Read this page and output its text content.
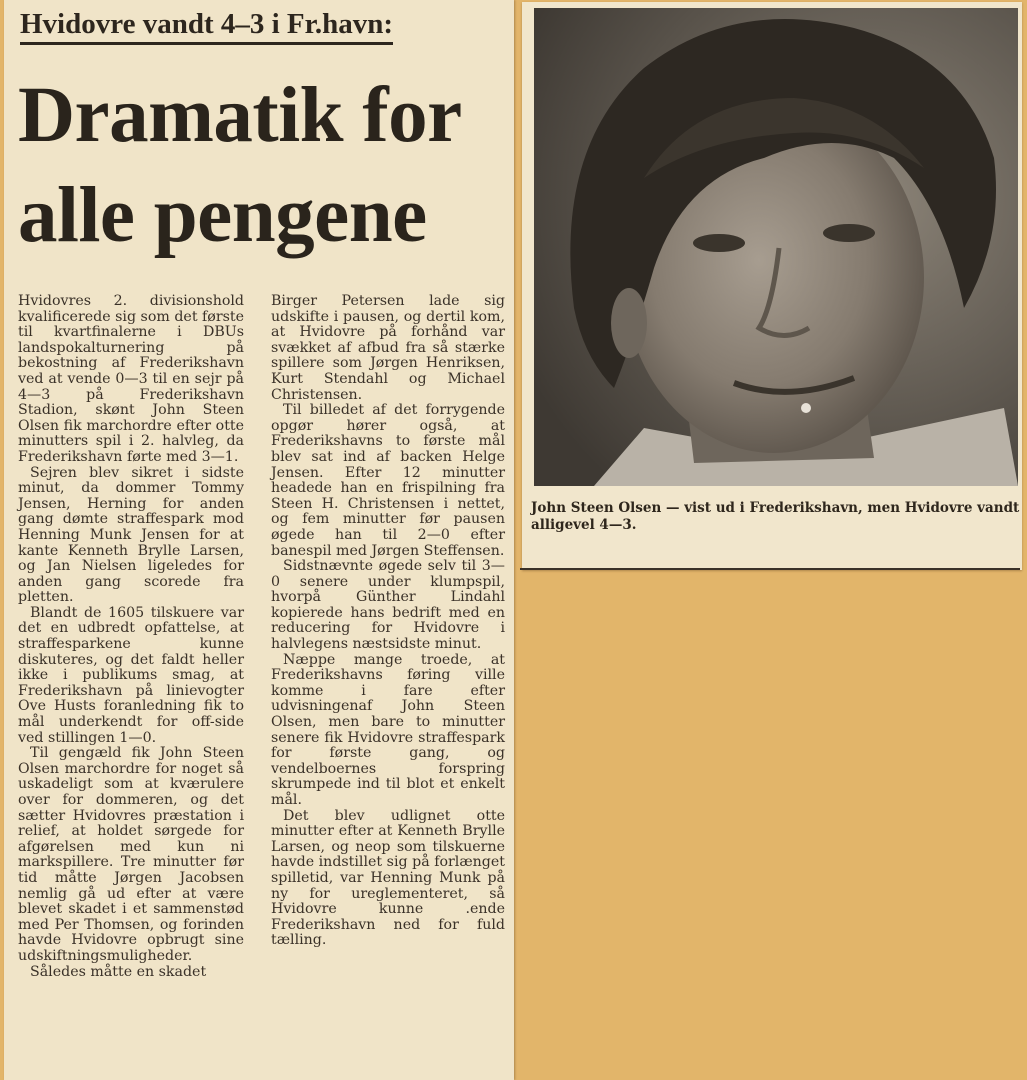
Hvidovre vandt 4–3 i Fr.havn:
Dramatik for alle pengene

Hvidovres 2. divisionshold kvalificerede sig som det første til kvartfinalerne i DBUs landspokalturnering på bekostning af Frederikshavn ved at vende 0—3 til en sejr på 4—3 på Frederikshavn Stadion, skønt John Steen Olsen fik marchordre efter otte minutters spil i 2. halvleg, da Frederikshavn førte med 3—1.

Sejren blev sikret i sidste minut, da dommer Tommy Jensen, Herning for anden gang dømte straffespark mod Henning Munk Jensen for at kante Kenneth Brylle Larsen, og Jan Nielsen ligeledes for anden gang scorede fra pletten.

Blandt de 1605 tilskuere var det en udbredt opfattelse, at straffesparkene kunne diskuteres, og det faldt heller ikke i publikums smag, at Frederikshavn på linievogter Ove Husts foranledning fik to mål underkendt for off-side ved stillingen 1—0.

Til gengæld fik John Steen Olsen marchordre for noget så uskadeligt som at kværulere over for dommeren, og det sætter Hvidovres præstation i relief, at holdet sørgede for afgørelsen med kun ni markspillere. Tre minutter før tid måtte Jørgen Jacobsen nemlig gå ud efter at være blevet skadet i et sammenstød med Per Thomsen, og forinden havde Hvidovre opbrugt sine udskiftningsmuligheder.

Således måtte en skadet

Birger Petersen lade sig udskifte i pausen, og dertil kom, at Hvidovre på forhånd var svækket af afbud fra så stærke spillere som Jørgen Henriksen, Kurt Stendahl og Michael Christensen.

Til billedet af det forrygende opgør hører også, at Frederikshavns to første mål blev sat ind af backen Helge Jensen. Efter 12 minutter headede han en frispilning fra Steen H. Christensen i nettet, og fem minutter før pausen øgede han til 2—0 efter banespil med Jørgen Steffensen.

Sidstnævnte øgede selv til 3—0 senere under klumpspil, hvorpå Günther Lindahl kopierede hans bedrift med en reducering for Hvidovre i halvlegens næstsidste minut.

Næppe mange troede, at Frederikshavns føring ville komme i fare efter udvisningenaf John Steen Olsen, men bare to minutter senere fik Hvidovre straffespark for første gang, og vendelboernes forspring skrumpede ind til blot et enkelt mål.

Det blev udlignet otte minutter efter at Kenneth Brylle Larsen, og neop som tilskuerne havde indstillet sig på forlænget spilletid, var Henning Munk på ny for ureglementeret, så Hvidovre kunne .ende Frederikshavn ned for fuld tælling.

John Steen Olsen — vist ud i Frederikshavn, men Hvidovre vandt alligevel 4—3.
